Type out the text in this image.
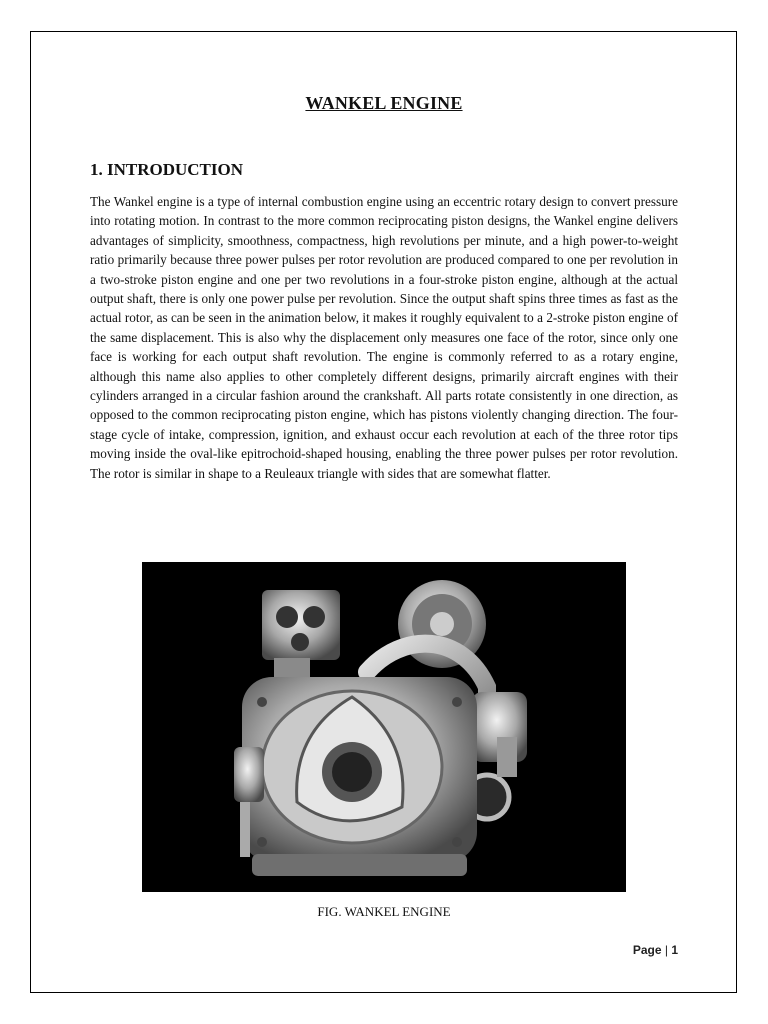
WANKEL ENGINE
1. INTRODUCTION
The Wankel engine is a type of internal combustion engine using an eccentric rotary design to convert pressure into rotating motion. In contrast to the more common reciprocating piston designs, the Wankel engine delivers advantages of simplicity, smoothness, compactness, high revolutions per minute, and a high power-to-weight ratio primarily because three power pulses per rotor revolution are produced compared to one per revolution in a two-stroke piston engine and one per two revolutions in a four-stroke piston engine, although at the actual output shaft, there is only one power pulse per revolution. Since the output shaft spins three times as fast as the actual rotor, as can be seen in the animation below, it makes it roughly equivalent to a 2-stroke piston engine of the same displacement. This is also why the displacement only measures one face of the rotor, since only one face is working for each output shaft revolution. The engine is commonly referred to as a rotary engine, although this name also applies to other completely different designs, primarily aircraft engines with their cylinders arranged in a circular fashion around the crankshaft. All parts rotate consistently in one direction, as opposed to the common reciprocating piston engine, which has pistons violently changing direction. The four-stage cycle of intake, compression, ignition, and exhaust occur each revolution at each of the three rotor tips moving inside the oval-like epitrochoid-shaped housing, enabling the three power pulses per rotor revolution. The rotor is similar in shape to a Reuleaux triangle with sides that are somewhat flatter.
FIG. WANKEL ENGINE
Page | 1
